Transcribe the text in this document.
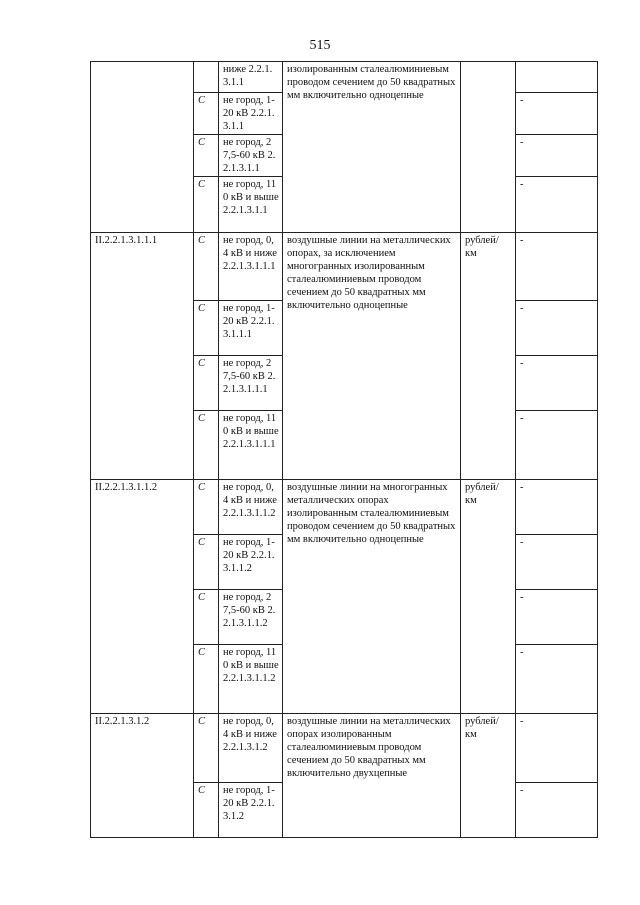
515
		ниже 2.2.1.3.1.1	изолированным сталеалюминиевым проводом сечением до 50 квадратных мм включительно одноцепные		
	С	не город, 1-20 кВ 2.2.1.3.1.1			-
	С	не город, 27,5-60 кВ 2.2.1.3.1.1			-
	С	не город, 110 кВ и выше 2.2.1.3.1.1			-
II.2.2.1.3.1.1.1	С	не город, 0,4 кВ и ниже 2.2.1.3.1.1.1	воздушные линии на металлических опорах, за исключением многогранных изолированным сталеалюминиевым проводом сечением до 50 квадратных мм включительно одноцепные	рублей/ км	-
	С	не город, 1-20 кВ 2.2.1.3.1.1.1			-
	С	не город, 27,5-60 кВ 2.2.1.3.1.1.1			-
	С	не город, 110 кВ и выше 2.2.1.3.1.1.1			-
II.2.2.1.3.1.1.2	С	не город, 0,4 кВ и ниже2.2.1.3.1.1.2	воздушные линии на многогранных металлических опорах изолированным сталеалюминиевым проводом сечением до 50 квадратных мм включительно одноцепные	рублей/ км	-
	С	не город, 1-20 кВ 2.2.1.3.1.1.2			-
	С	не город, 27,5-60 кВ 2.2.1.3.1.1.2			-
	С	не город, 110 кВ и выше 2.2.1.3.1.1.2			-
II.2.2.1.3.1.2	С	не город, 0,4 кВ и ниже 2.2.1.3.1.2	воздушные линии на металлических опорах изолированным сталеалюминиевым проводом сечением до 50 квадратных мм включительно двухцепные	рублей/ км	-
	С	не город, 1-20 кВ 2.2.1.3.1.2			-
